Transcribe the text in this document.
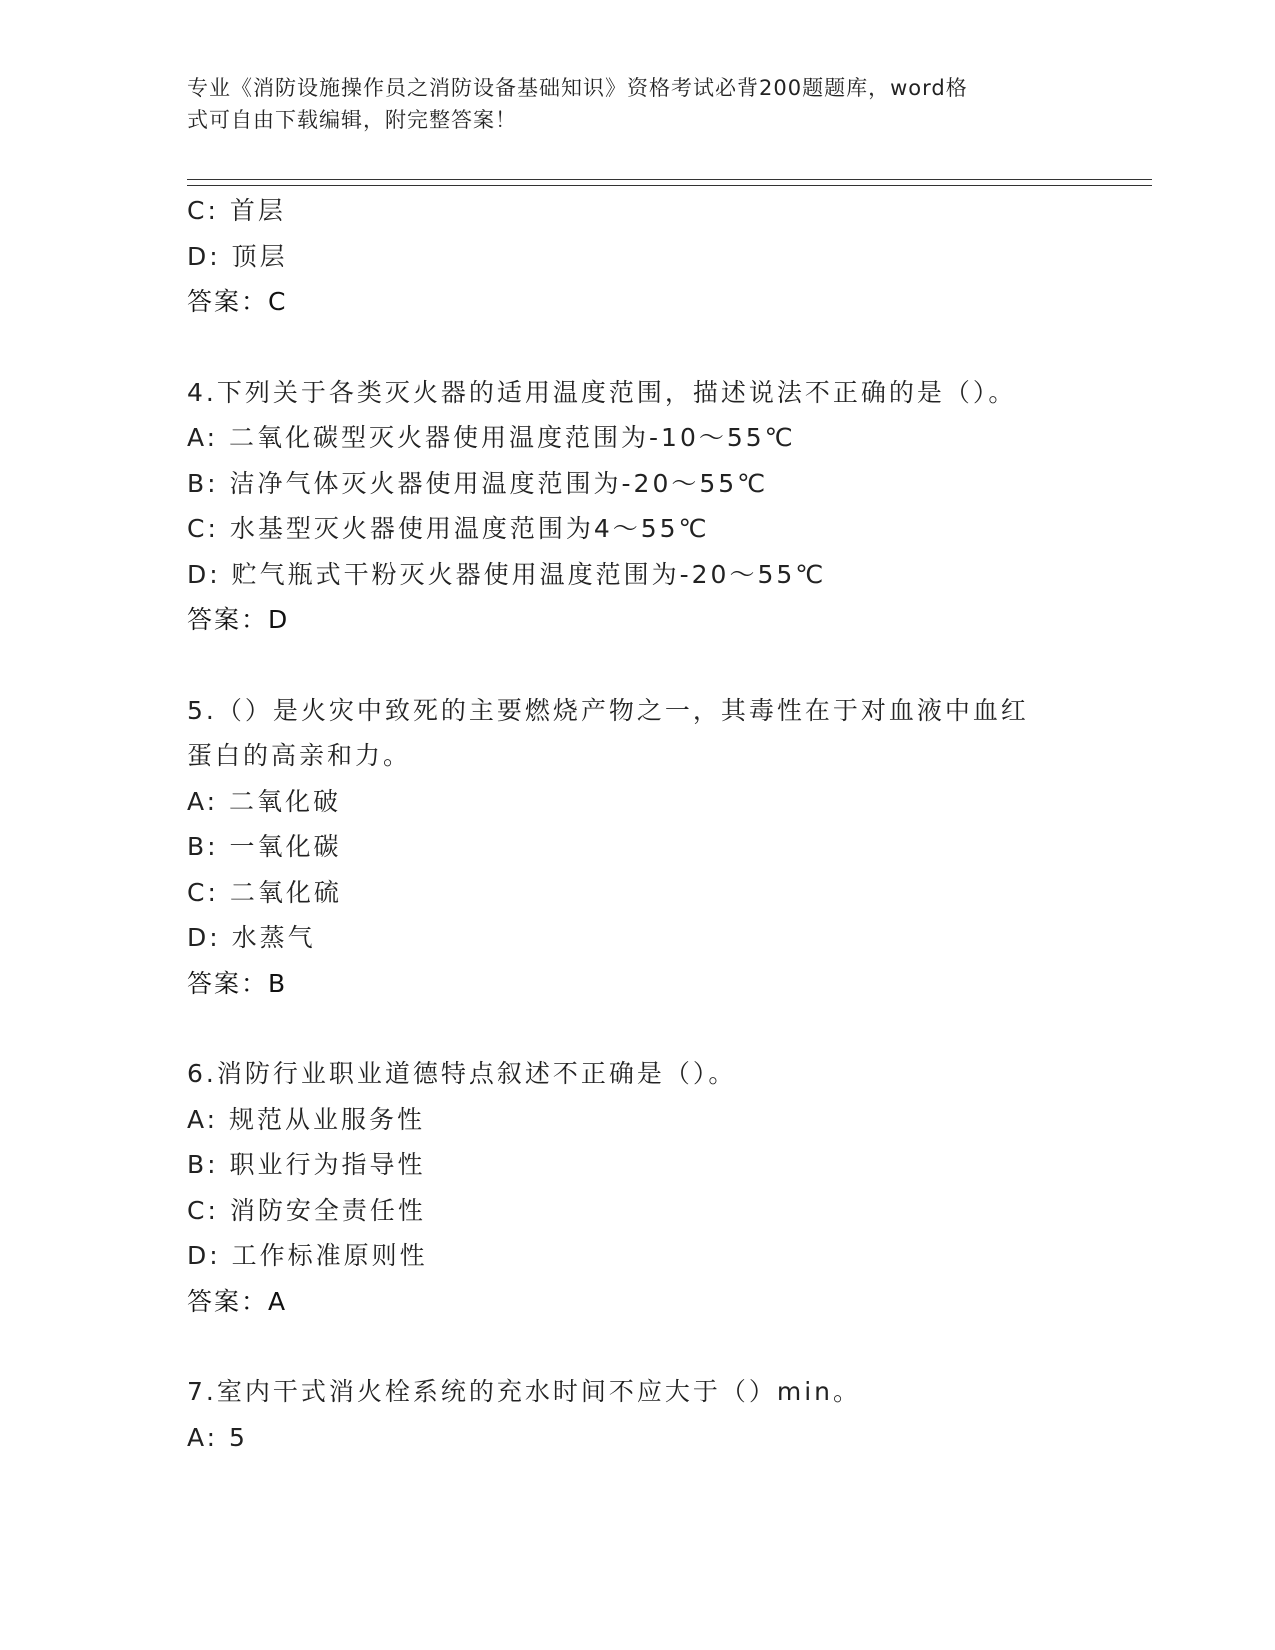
专业《消防设施操作员之消防设备基础知识》资格考试必背200题题库，word格
式可自由下载编辑，附完整答案！
C: 首层
D: 顶层
答案：C
4.下列关于各类灭火器的适用温度范围，描述说法不正确的是（）。
A: 二氧化碳型灭火器使用温度范围为-10～55℃
B: 洁净气体灭火器使用温度范围为-20～55℃
C: 水基型灭火器使用温度范围为4～55℃
D: 贮气瓶式干粉灭火器使用温度范围为-20～55℃
答案：D
5.（）是火灾中致死的主要燃烧产物之一，其毒性在于对血液中血红
蛋白的高亲和力。
A: 二氧化破
B: 一氧化碳
C: 二氧化硫
D: 水蒸气
答案：B
6.消防行业职业道德特点叙述不正确是（）。
A: 规范从业服务性
B: 职业行为指导性
C: 消防安全责任性
D: 工作标准原则性
答案：A
7.室内干式消火栓系统的充水时间不应大于（）min。
A: 5
